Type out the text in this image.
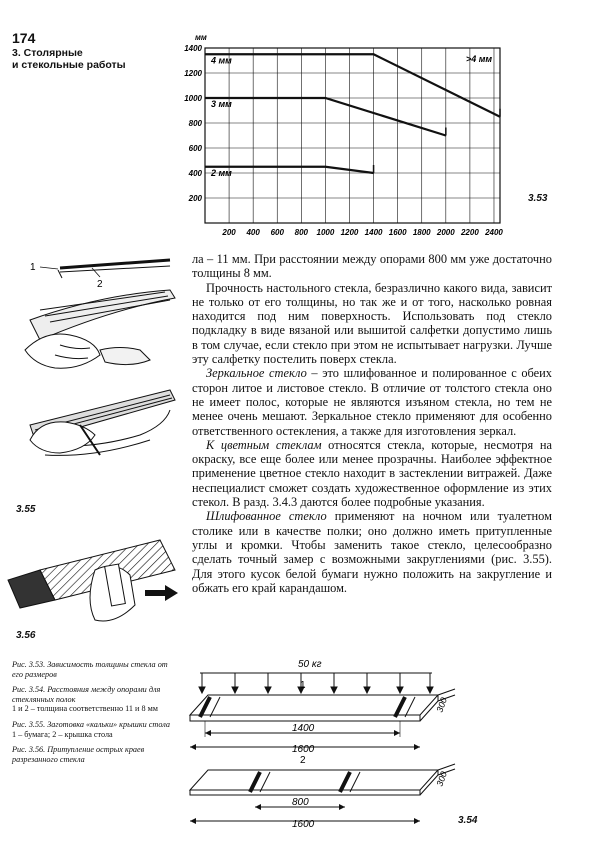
174
3. Столярные
и стекольные работы
200 400 600 800 1000 1200 1400 1600 1800 2000 2200 2400
200
400
600
800
1000
1200
1400
мм
2 мм
3 мм
4 мм	>4 мм
3.53
1
2
3.55
3.56

ла – 11 мм. При расстоянии между опорами 800 мм уже достаточно толщины 8 мм.

Прочность настольного стекла, безразлично какого вида, зависит не только от его толщины, но так же и от того, насколько ровная находится под ним поверхность. Использовать под стекло подкладку в виде вязаной или вышитой салфетки допустимо лишь в том случае, если стекло при этом не испытывает нагрузки. Лучше эту салфетку постелить поверх стекла.

Зеркальное стекло – это шлифованное и полированное с обеих сторон литое и листовое стекло. В отличие от толстого стекла оно не имеет полос, которые не являются изъяном стекла, но тем не менее очень мешают. Зеркальное стекло применяют для особенно ответственного остекления, а также для изготовления зеркал.

К цветным стеклам относятся стекла, которые, несмотря на окраску, все еще более или менее прозрачны. Наиболее эффектное применение цветное стекло находит в застеклении витражей. Даже неспециалист сможет создать художественное оформление из этих стекол. В разд. 3.4.3 даются более подробные указания.

Шлифованное стекло применяют на ночном или туалетном столике или в качестве полки; оно должно иметь притупленные углы и кромки. Чтобы заменить такое стекло, целесообразно сделать точный замер с возможными закруглениями (рис. 3.55). Для этого кусок белой бумаги нужно положить на закругление и обжать его край карандашом.

Рис. 3.53. Зависимость толщины стекла от его размеров

Рис. 3.54. Расстояния между опорами для стеклянных полок
1 и 2 – толщина соответственно 11 и 8 мм

Рис. 3.55. Заготовка «кальки» крышки стола
1 – бумага; 2 – крышка стола

Рис. 3.56. Притупление острых краев разрезанного стекла

50 кг
1
300
1400
1600
2
300
800
1600	3.54
